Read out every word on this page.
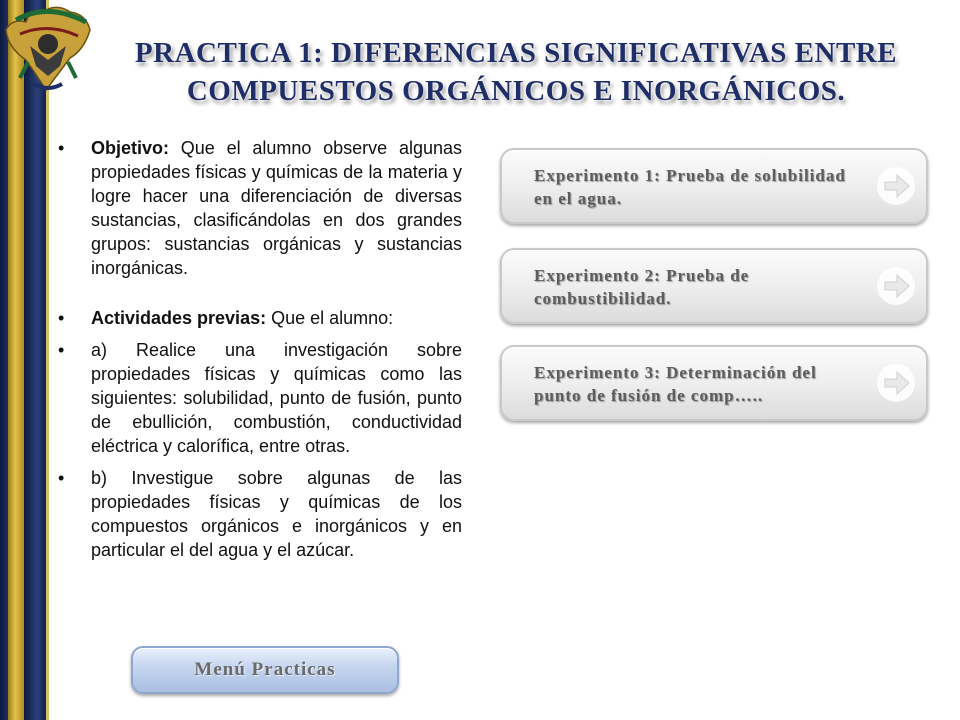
PRACTICA 1: DIFERENCIAS SIGNIFICATIVAS ENTRE
COMPUESTOS ORGÁNICOS E INORGÁNICOS.
• Objetivo: Que el alumno observe algunas propiedades físicas y químicas de la materia y logre hacer una diferenciación de diversas sustancias, clasificándolas en dos grandes grupos: sustancias orgánicas y sustancias inorgánicas.
• Actividades previas: Que el alumno:
• a) Realice una investigación sobre propiedades físicas y químicas como las siguientes: solubilidad, punto de fusión, punto de ebullición, combustión, conductividad eléctrica y calorífica, entre otras.
• b) Investigue sobre algunas de las propiedades físicas y químicas de los compuestos orgánicos e inorgánicos y en particular el del agua y el azúcar.
Experimento 1: Prueba de solubilidad en el agua.
Experimento 2: Prueba de combustibilidad.
Experimento 3: Determinación del punto de fusión de comp…..
Menú Practicas
